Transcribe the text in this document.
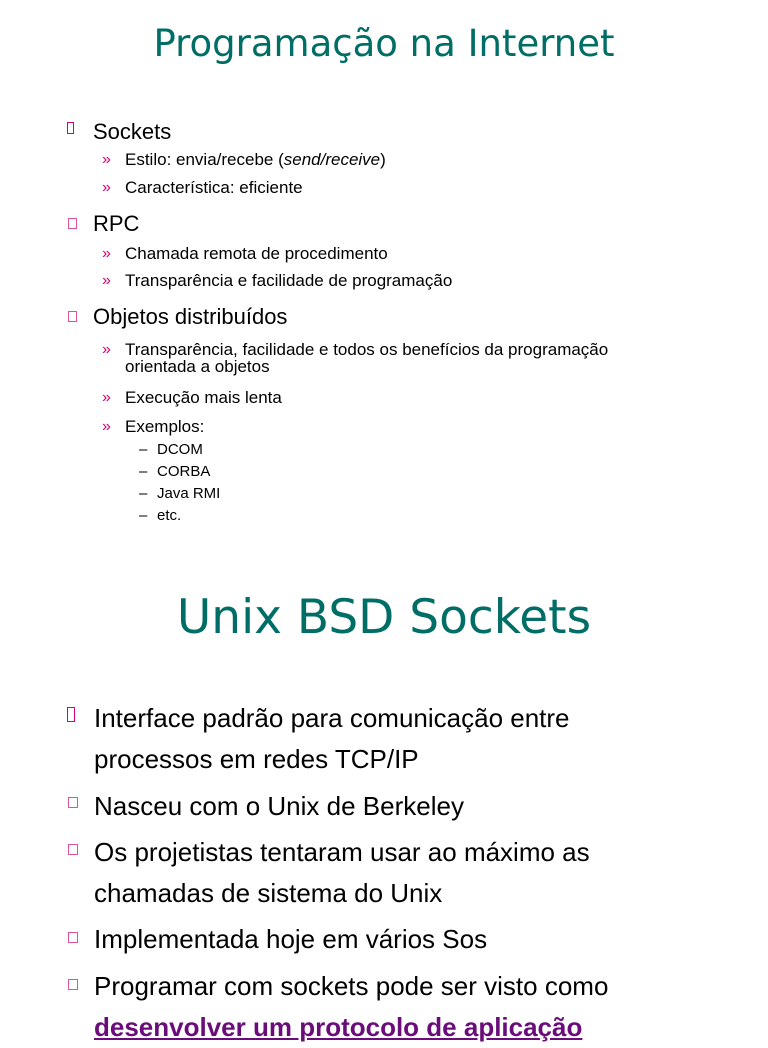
Programação na Internet
Sockets
» Estilo: envia/recebe (send/receive)
» Característica: eficiente
RPC
» Chamada remota de procedimento
» Transparência e facilidade de programação
Objetos distribuídos
» Transparência, facilidade e todos os benefícios da programação orientada a objetos
» Execução mais lenta
» Exemplos:
– DCOM
– CORBA
– Java RMI
– etc.
Unix BSD Sockets
Interface padrão para comunicação entre processos em redes TCP/IP
Nasceu com o Unix de Berkeley
Os projetistas tentaram usar ao máximo as chamadas de sistema do Unix
Implementada hoje em vários Sos
Programar com sockets pode ser visto como
desenvolver um protocolo de aplicação
